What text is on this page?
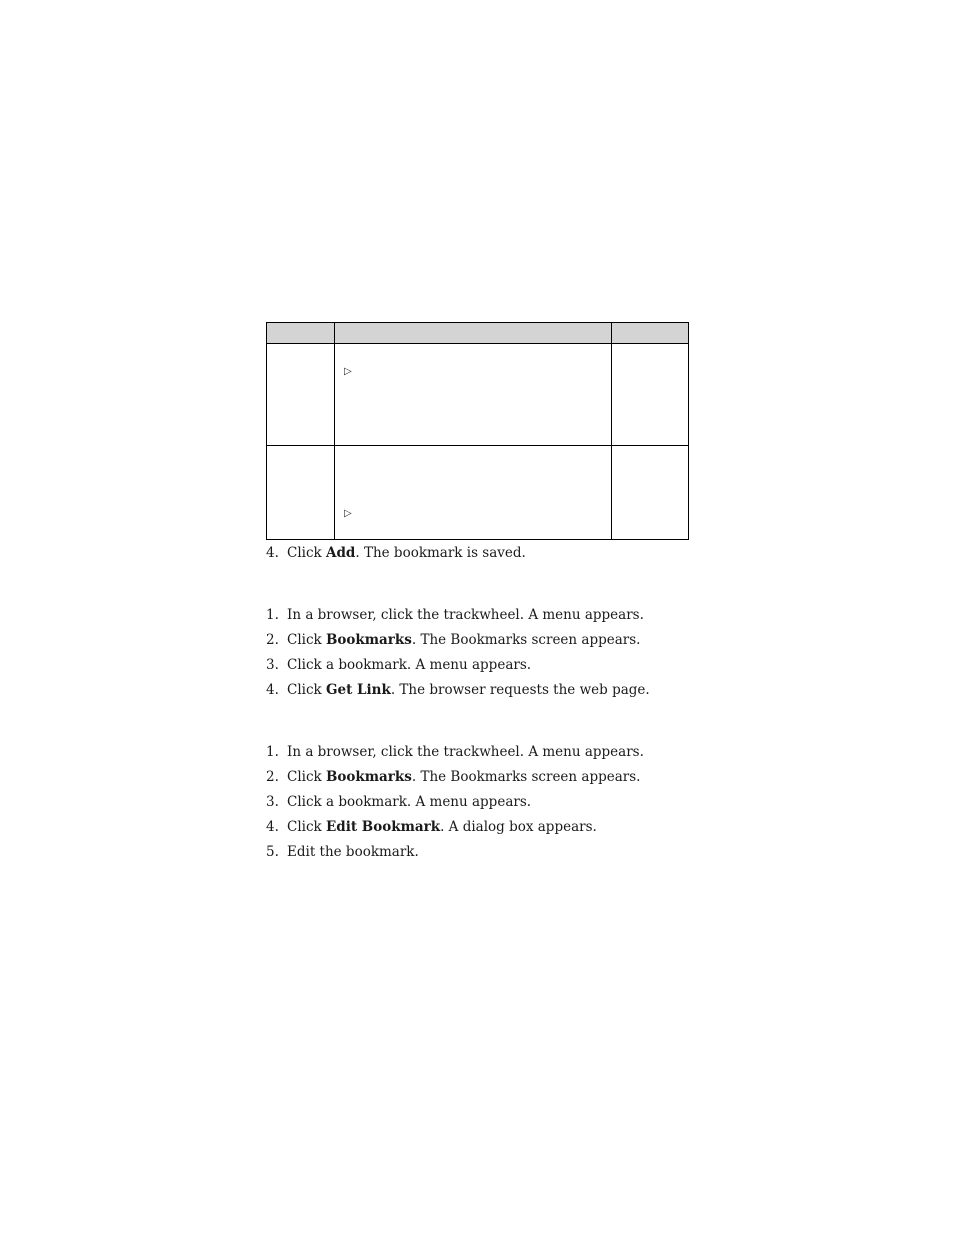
▷
▷
4. Click Add. The bookmark is saved.
1. In a browser, click the trackwheel. A menu appears.
2. Click Bookmarks. The Bookmarks screen appears.
3. Click a bookmark. A menu appears.
4. Click Get Link. The browser requests the web page.
1. In a browser, click the trackwheel. A menu appears.
2. Click Bookmarks. The Bookmarks screen appears.
3. Click a bookmark. A menu appears.
4. Click Edit Bookmark. A dialog box appears.
5. Edit the bookmark.
